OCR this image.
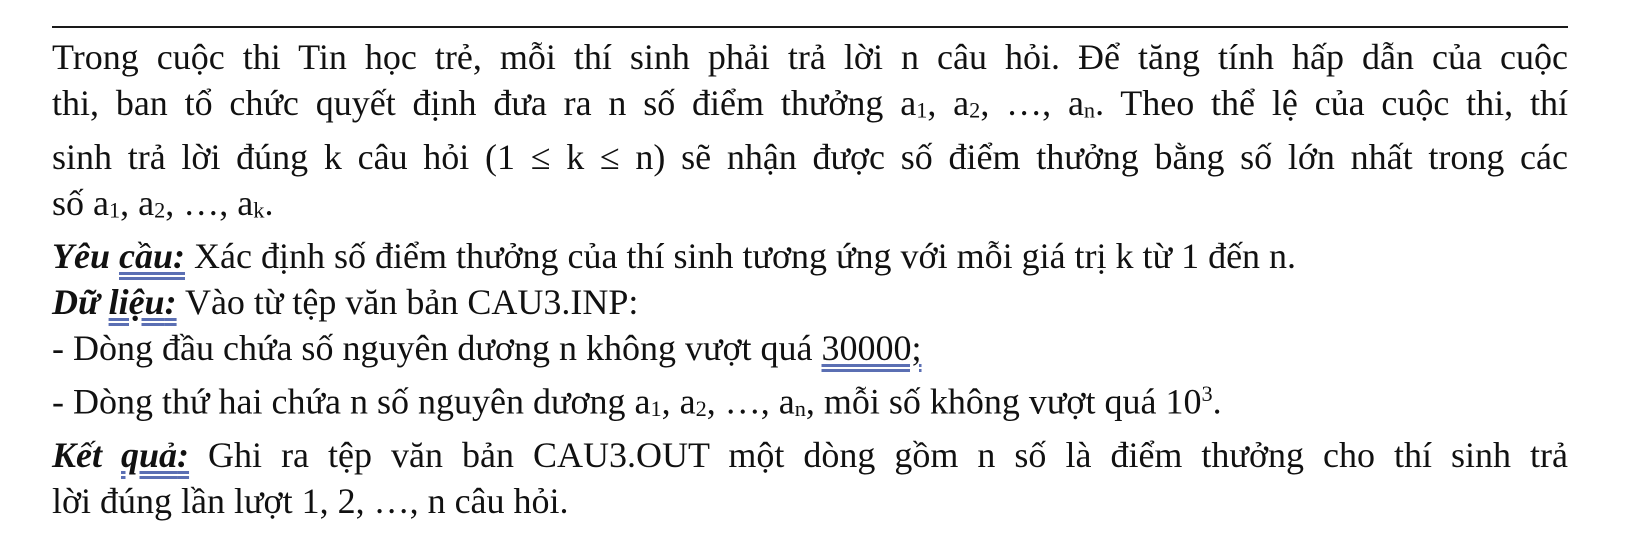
Trong cuộc thi Tin học trẻ, mỗi thí sinh phải trả lời n câu hỏi. Để tăng tính hấp dẫn của cuộc

thi, ban tổ chức quyết định đưa ra n số điểm thưởng $a_1$, $a_2$, …, $a_n$. Theo thể lệ của cuộc thi, thí

sinh trả lời đúng k câu hỏi (1 ≤ k ≤ n) sẽ nhận được số điểm thưởng bằng số lớn nhất trong các

số $a_1$, $a_2$, …, $a_k$.

Yêu cầu: Xác định số điểm thưởng của thí sinh tương ứng với mỗi giá trị k từ 1 đến n.

Dữ liệu: Vào từ tệp văn bản CAU3.INP:

- Dòng đầu chứa số nguyên dương n không vượt quá 30000;

- Dòng thứ hai chứa n số nguyên dương $a_1$, $a_2$, …, $a_n$, mỗi số không vượt quá $10^3$.

Kết quả: Ghi ra tệp văn bản CAU3.OUT một dòng gồm n số là điểm thưởng cho thí sinh trả

lời đúng lần lượt 1, 2, …, n câu hỏi.
